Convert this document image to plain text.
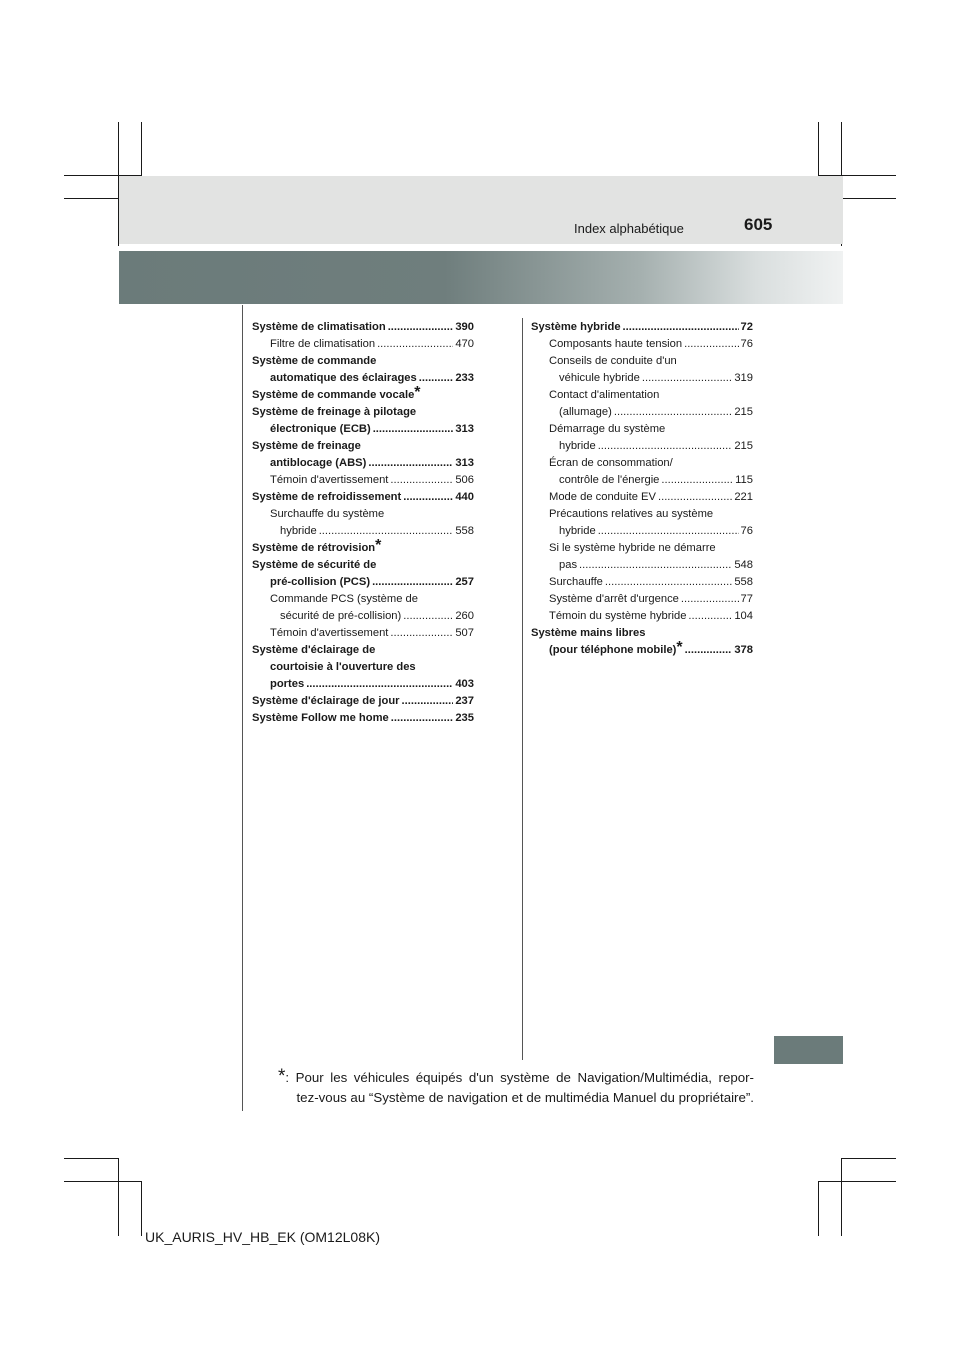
Index alphabétique	605
Système de climatisation .....	390
Filtre de climatisation .....	470
Système de commande
automatique des éclairages .....	233
Système de commande vocale *
Système de freinage à pilotage
électronique (ECB) .....	313
Système de freinage
antiblocage (ABS) .....	313
Témoin d'avertissement .....	506
Système de refroidissement .....	440
Surchauffe du système
hybride .....	558
Système de rétrovision *
Système de sécurité de
pré-collision (PCS) .....	257
Commande PCS (système de
sécurité de pré-collision) .....	260
Témoin d'avertissement .....	507
Système d'éclairage de
courtoisie à l'ouverture des
portes .....	403
Système d'éclairage de jour .....	237
Système Follow me home .....	235
Système hybride .....	72
Composants haute tension .....	76
Conseils de conduite d'un
véhicule hybride .....	319
Contact d'alimentation
(allumage) .....	215
Démarrage du système
hybride .....	215
Écran de consommation/
contrôle de l'énergie .....	115
Mode de conduite EV .....	221
Précautions relatives au système
hybride .....	76
Si le système hybride ne démarre
pas .....	548
Surchauffe .....	558
Système d'arrêt d'urgence .....	77
Témoin du système hybride .....	104
Système mains libres
(pour téléphone mobile) * .....	378
*: Pour les véhicules équipés d'un système de Navigation/Multimédia, repor-
tez-vous au “Système de navigation et de multimédia Manuel du propriétaire”.
UK_AURIS_HV_HB_EK (OM12L08K)
